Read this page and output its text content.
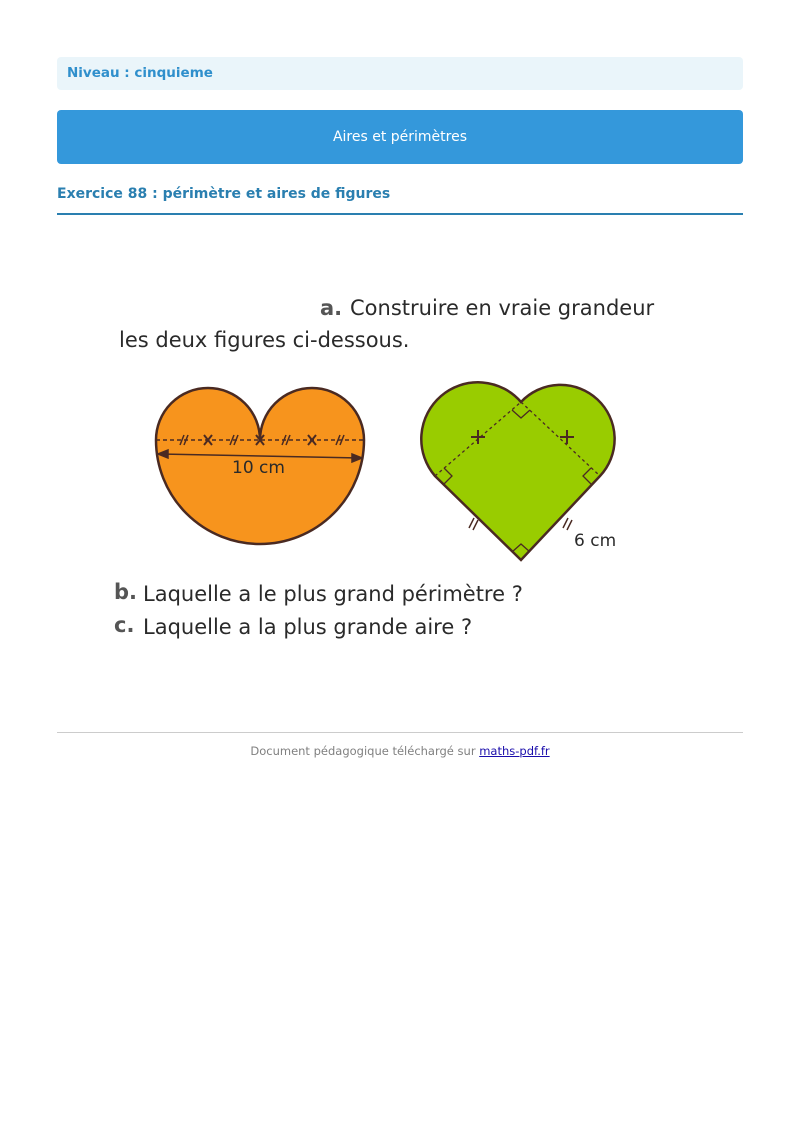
Niveau : cinquieme
Aires et périmètres
Exercice 88 : périmètre et aires de figures
a. Construire en vraie grandeur
les deux figures ci-dessous.
10 cm
6 cm
b. Laquelle a le plus grand périmètre ?
c. Laquelle a la plus grande aire ?
Document pédagogique téléchargé sur maths-pdf.fr
